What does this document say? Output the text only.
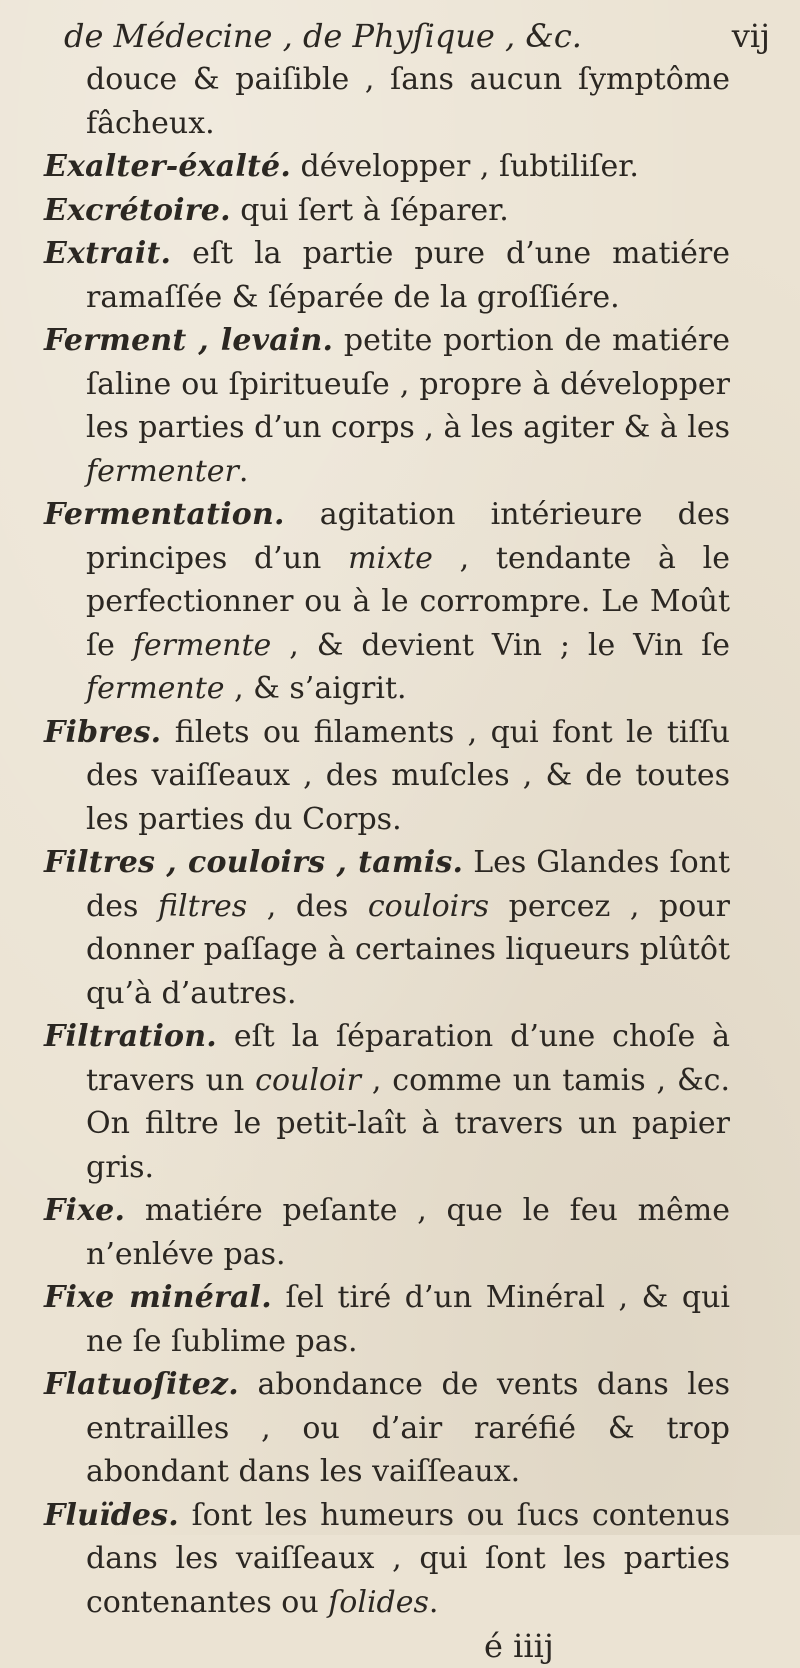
de Médecine , de Phyſique , &c.	vij

douce & paiſible , ſans aucun ſymptôme fâcheux.

Exalter-éxalté. développer , ſubtiliſer.

Excrétoire. qui ſert à ſéparer.

Extrait. eſt la partie pure d’une matiére ramaſſée & ſéparée de la groſſiére.

Ferment , levain. petite portion de matiére ſaline ou ſpiritueuſe , propre à développer les parties d’un corps , à les agiter & à les fermenter.

Fermentation. agitation intérieure des principes d’un mixte , tendante à le perfectionner ou à le corrompre. Le Moût ſe fermente , & devient Vin ; le Vin ſe fermente , & s’aigrit.

Fibres. filets ou filaments , qui font le tiſſu des vaiſſeaux , des muſcles , & de toutes les parties du Corps.

Filtres , couloirs , tamis. Les Glandes ſont des filtres , des couloirs percez , pour donner paſſage à certaines liqueurs plûtôt qu’à d’autres.

Filtration. eſt la ſéparation d’une choſe à travers un couloir , comme un tamis , &c. On filtre le petit-laît à travers un papier gris.

Fixe. matiére peſante , que le feu même n’enléve pas.

Fixe minéral. ſel tiré d’un Minéral , & qui ne ſe ſublime pas.

Flatuoſitez. abondance de vents dans les entrailles , ou d’air raréfié & trop abondant dans les vaiſſeaux.

Fluïdes. ſont les humeurs ou ſucs contenus dans les vaiſſeaux , qui ſont les parties contenantes ou ſolides.

é iiij
